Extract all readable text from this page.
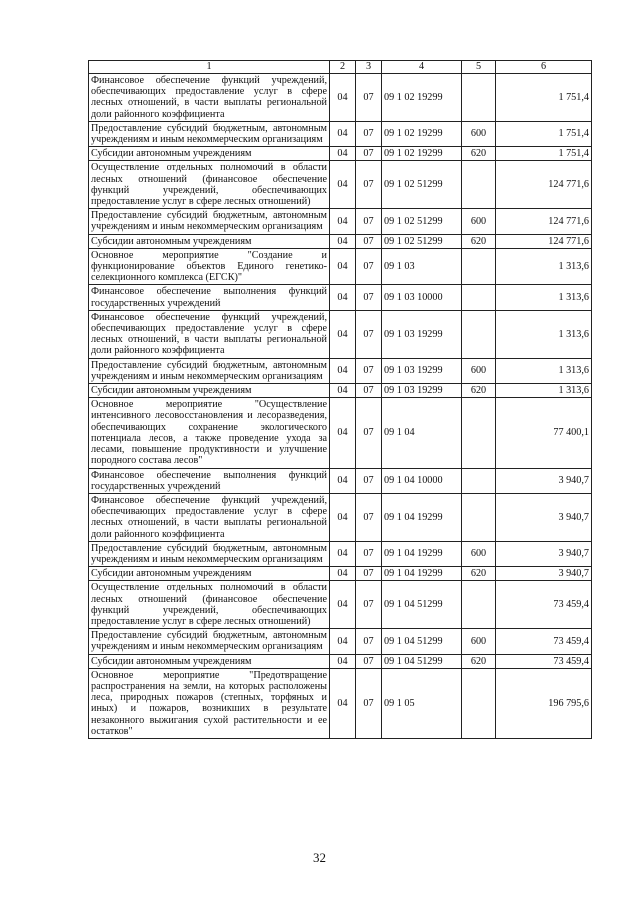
1	2	3	4	5	6
Финансовое обеспечение функций учреждений, обеспечивающих предоставление услуг в сфере лесных отношений, в части выплаты региональной доли районного коэффициента	04	07	09 1 02 19299		1 751,4
Предоставление субсидий бюджетным, автономным учреждениям и иным некоммерческим организациям	04	07	09 1 02 19299	600	1 751,4
Субсидии автономным учреждениям	04	07	09 1 02 19299	620	1 751,4
Осуществление отдельных полномочий в области лесных отношений (финансовое обеспечение функций учреждений, обеспечивающих предоставление услуг в сфере лесных отношений)	04	07	09 1 02 51299		124 771,6
Предоставление субсидий бюджетным, автономным учреждениям и иным некоммерческим организациям	04	07	09 1 02 51299	600	124 771,6
Субсидии автономным учреждениям	04	07	09 1 02 51299	620	124 771,6
Основное мероприятие "Создание и функционирование объектов Единого генетико-селекционного комплекса (ЕГСК)"	04	07	09 1 03		1 313,6
Финансовое обеспечение выполнения функций государственных учреждений	04	07	09 1 03 10000		1 313,6
Финансовое обеспечение функций учреждений, обеспечивающих предоставление услуг в сфере лесных отношений, в части выплаты региональной доли районного коэффициента	04	07	09 1 03 19299		1 313,6
Предоставление субсидий бюджетным, автономным учреждениям и иным некоммерческим организациям	04	07	09 1 03 19299	600	1 313,6
Субсидии автономным учреждениям	04	07	09 1 03 19299	620	1 313,6
Основное мероприятие "Осуществление интенсивного лесовосстановления и лесоразведения, обеспечивающих сохранение экологического потенциала лесов, а также проведение ухода за лесами, повышение продуктивности и улучшение породного состава лесов"	04	07	09 1 04		77 400,1
Финансовое обеспечение выполнения функций государственных учреждений	04	07	09 1 04 10000		3 940,7
Финансовое обеспечение функций учреждений, обеспечивающих предоставление услуг в сфере лесных отношений, в части выплаты региональной доли районного коэффициента	04	07	09 1 04 19299		3 940,7
Предоставление субсидий бюджетным, автономным учреждениям и иным некоммерческим организациям	04	07	09 1 04 19299	600	3 940,7
Субсидии автономным учреждениям	04	07	09 1 04 19299	620	3 940,7
Осуществление отдельных полномочий в области лесных отношений (финансовое обеспечение функций учреждений, обеспечивающих предоставление услуг в сфере лесных отношений)	04	07	09 1 04 51299		73 459,4
Предоставление субсидий бюджетным, автономным учреждениям и иным некоммерческим организациям	04	07	09 1 04 51299	600	73 459,4
Субсидии автономным учреждениям	04	07	09 1 04 51299	620	73 459,4
Основное мероприятие "Предотвращение распространения на земли, на которых расположены леса, природных пожаров (степных, торфяных и иных) и пожаров, возникших в результате незаконного выжигания сухой растительности и ее остатков"	04	07	09 1 05		196 795,6
32
